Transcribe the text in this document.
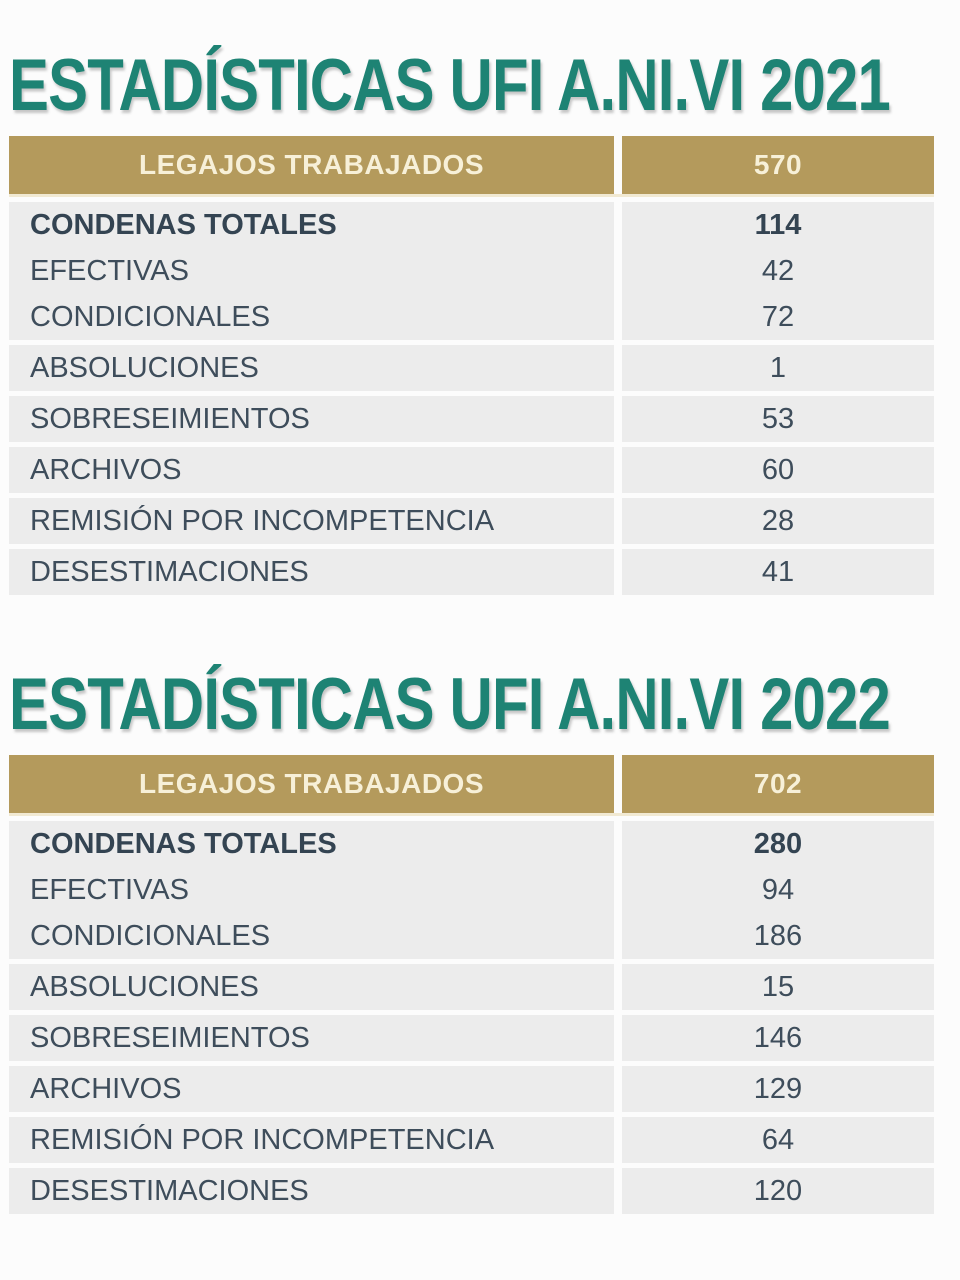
ESTADÍSTICAS UFI A.NI.VI 2021
LEGAJOS TRABAJADOS	570
CONDENAS TOTALES	114
EFECTIVAS	42
CONDICIONALES	72
ABSOLUCIONES	1
SOBRESEIMIENTOS	53
ARCHIVOS	60
REMISIÓN POR INCOMPETENCIA	28
DESESTIMACIONES	41
ESTADÍSTICAS UFI A.NI.VI 2022
LEGAJOS TRABAJADOS	702
CONDENAS TOTALES	280
EFECTIVAS	94
CONDICIONALES	186
ABSOLUCIONES	15
SOBRESEIMIENTOS	146
ARCHIVOS	129
REMISIÓN POR INCOMPETENCIA	64
DESESTIMACIONES	120
